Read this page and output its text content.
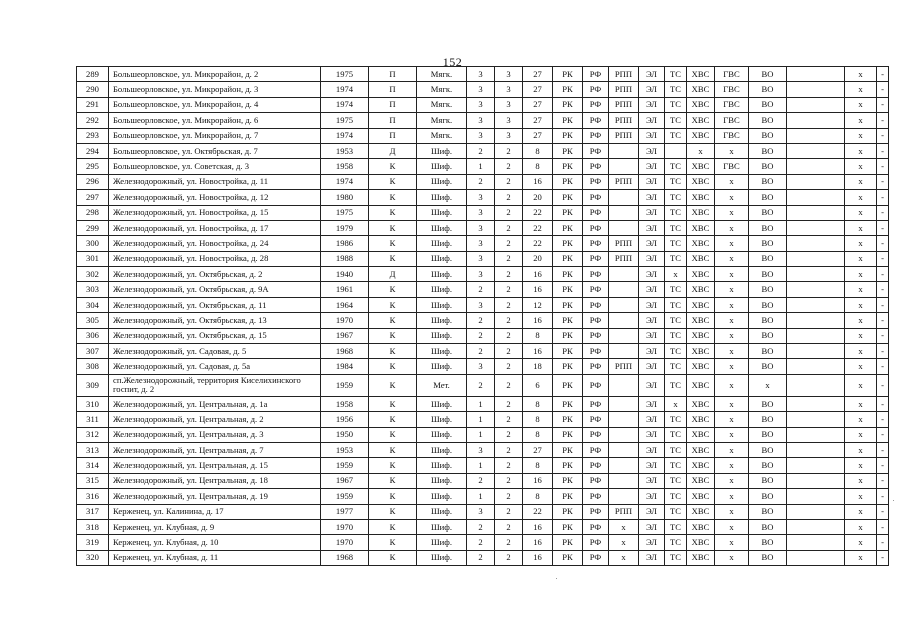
152
289	Большеорловское, ул. Микрорайон, д. 2	1975	П	Мягк.	3	3	27	РК	РФ	РПП	ЭЛ	ТС	ХВС	ГВС	ВО		х	-
290	Большеорловское, ул. Микрорайон, д. 3	1974	П	Мягк.	3	3	27	РК	РФ	РПП	ЭЛ	ТС	ХВС	ГВС	ВО		х	-
291	Большеорловское, ул. Микрорайон, д. 4	1974	П	Мягк.	3	3	27	РК	РФ	РПП	ЭЛ	ТС	ХВС	ГВС	ВО		х	-
292	Большеорловское, ул. Микрорайон, д. 6	1975	П	Мягк.	3	3	27	РК	РФ	РПП	ЭЛ	ТС	ХВС	ГВС	ВО		х	-
293	Большеорловское, ул. Микрорайон, д. 7	1974	П	Мягк.	3	3	27	РК	РФ	РПП	ЭЛ	ТС	ХВС	ГВС	ВО		х	-
294	Большеорловское, ул. Октябрьская, д. 7	1953	Д	Шиф.	2	2	8	РК	РФ		ЭЛ		х	х	ВО		х	-
295	Большеорловское, ул. Советская, д. 3	1958	К	Шиф.	1	2	8	РК	РФ		ЭЛ	ТС	ХВС	ГВС	ВО		х	-
296	Железнодорожный, ул. Новостройка, д. 11	1974	К	Шиф.	2	2	16	РК	РФ	РПП	ЭЛ	ТС	ХВС	х	ВО		х	-
297	Железнодорожный, ул. Новостройка, д. 12	1980	К	Шиф.	3	2	20	РК	РФ		ЭЛ	ТС	ХВС	х	ВО		х	-
298	Железнодорожный, ул. Новостройка, д. 15	1975	К	Шиф.	3	2	22	РК	РФ		ЭЛ	ТС	ХВС	х	ВО		х	-
299	Железнодорожный, ул. Новостройка, д. 17	1979	К	Шиф.	3	2	22	РК	РФ		ЭЛ	ТС	ХВС	х	ВО		х	-
300	Железнодорожный, ул. Новостройка, д. 24	1986	К	Шиф.	3	2	22	РК	РФ	РПП	ЭЛ	ТС	ХВС	х	ВО		х	-
301	Железнодорожный, ул. Новостройка, д. 28	1988	К	Шиф.	3	2	20	РК	РФ	РПП	ЭЛ	ТС	ХВС	х	ВО		х	-
302	Железнодорожный, ул. Октябрьская, д. 2	1940	Д	Шиф.	3	2	16	РК	РФ		ЭЛ	х	ХВС	х	ВО		х	-
303	Железнодорожный, ул. Октябрьская, д. 9А	1961	К	Шиф.	2	2	16	РК	РФ		ЭЛ	ТС	ХВС	х	ВО		х	-
304	Железнодорожный, ул. Октябрьская, д. 11	1964	К	Шиф.	3	2	12	РК	РФ		ЭЛ	ТС	ХВС	х	ВО		х	-
305	Железнодорожный, ул. Октябрьская, д. 13	1970	К	Шиф.	2	2	16	РК	РФ		ЭЛ	ТС	ХВС	х	ВО		х	-
306	Железнодорожный, ул. Октябрьская, д. 15	1967	К	Шиф.	2	2	8	РК	РФ		ЭЛ	ТС	ХВС	х	ВО		х	-
307	Железнодорожный, ул. Садовая, д. 5	1968	К	Шиф.	2	2	16	РК	РФ		ЭЛ	ТС	ХВС	х	ВО		х	-
308	Железнодорожный, ул. Садовая, д. 5а	1984	К	Шиф.	3	2	18	РК	РФ	РПП	ЭЛ	ТС	ХВС	х	ВО		х	-
309	сп.Железнодорожный, территория Киселихинского госпит, д. 2	1959	К	Мет.	2	2	6	РК	РФ		ЭЛ	ТС	ХВС	х	х		х	-
310	Железнодорожный, ул. Центральная, д. 1а	1958	К	Шиф.	1	2	8	РК	РФ		ЭЛ	х	ХВС	х	ВО		х	-
311	Железнодорожный, ул. Центральная, д. 2	1956	К	Шиф.	1	2	8	РК	РФ		ЭЛ	ТС	ХВС	х	ВО		х	-
312	Железнодорожный, ул. Центральная, д. 3	1950	К	Шиф.	1	2	8	РК	РФ		ЭЛ	ТС	ХВС	х	ВО		х	-
313	Железнодорожный, ул. Центральная, д. 7	1953	К	Шиф.	3	2	27	РК	РФ		ЭЛ	ТС	ХВС	х	ВО		х	-
314	Железнодорожный, ул. Центральная, д. 15	1959	К	Шиф.	1	2	8	РК	РФ		ЭЛ	ТС	ХВС	х	ВО		х	-
315	Железнодорожный, ул. Центральная, д. 18	1967	К	Шиф.	2	2	16	РК	РФ		ЭЛ	ТС	ХВС	х	ВО		х	-
316	Железнодорожный, ул. Центральная, д. 19	1959	К	Шиф.	1	2	8	РК	РФ		ЭЛ	ТС	ХВС	х	ВО		х	-
317	Керженец, ул. Калинина, д. 17	1977	К	Шиф.	3	2	22	РК	РФ	РПП	ЭЛ	ТС	ХВС	х	ВО		х	-
318	Керженец, ул. Клубная, д. 9	1970	К	Шиф.	2	2	16	РК	РФ	х	ЭЛ	ТС	ХВС	х	ВО		х	-
319	Керженец, ул. Клубная, д. 10	1970	К	Шиф.	2	2	16	РК	РФ	х	ЭЛ	ТС	ХВС	х	ВО		х	-
320	Керженец, ул. Клубная, д. 11	1968	К	Шиф.	2	2	16	РК	РФ	х	ЭЛ	ТС	ХВС	х	ВО		х	-
